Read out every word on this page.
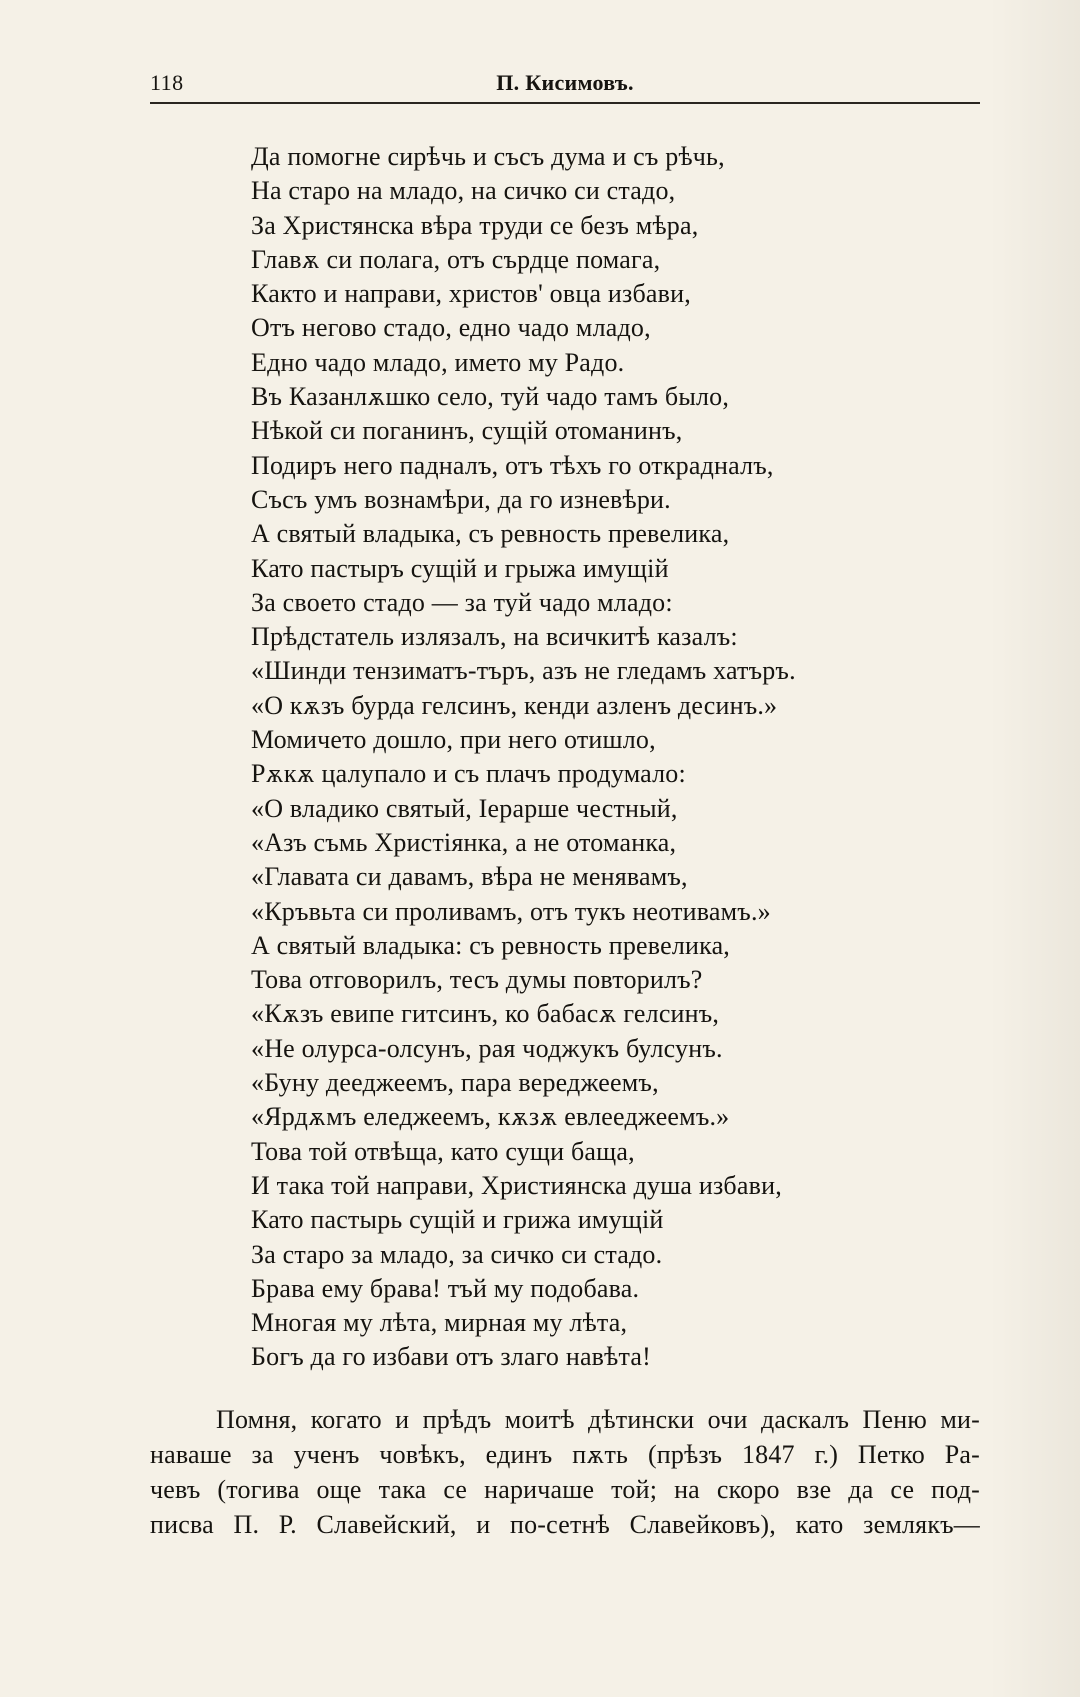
118	П. Кисимовъ.
Да помогне сирѣчь и съсъ дума и съ рѣчь,
На старо на младо, на сичко си стадо,
За Христянска вѣра труди се безъ мѣра,
Главѫ си полага, отъ сърдце помага,
Както и направи, христов' овца избави,
Отъ негово стадо, едно чадо младо,
Едно чадо младо, името му Радо.
Въ Казанлѫшко село, туй чадо тамъ было,
Нѣкой си поганинъ, сущій отоманинъ,
Подиръ него падналъ, отъ тѣхъ го открадналъ,
Съсъ умъ вознамѣри, да го изневѣри.
А святый владыка, съ ревность превелика,
Като пастыръ сущій и грыжа имущій
За своето стадо — за туй чадо младо:
Прѣдстатель излязалъ, на всичкитѣ казалъ:
«Шинди тензиматъ-търъ, азъ не гледамъ хатъръ.
«О кѫзъ бурда гелсинъ, кенди азленъ десинъ.»
Момичето дошло, при него отишло,
Рѫкѫ цалупало и съ плачъ продумало:
«О владико святый, Іерарше честный,
«Азъ съмь Христіянка, а не отоманка,
«Главата си давамъ, вѣра не менявамъ,
«Кръвьта си проливамъ, отъ тукъ неотивамъ.»
А святый владыка: съ ревность превелика,
Това отговорилъ, тесъ думы повторилъ?
«Кѫзъ евипе гитсинъ, ко бабасѫ гелсинъ,
«Не олурса-олсунъ, рая чоджукъ булсунъ.
«Буну дееджеемъ, пара вереджеемъ,
«Ярдѫмъ еледжеемъ, кѫзѫ евлееджеемъ.»
Това той отвѣща, като сущи баща,
И така той направи, Християнска душа избави,
Като пастырь сущій и грижа имущій
За старо за младо, за сичко си стадо.
Брава ему брава! тъй му подобава.
Многая му лѣта, мирная му лѣта,
Богъ да го избави отъ злаго навѣта!
Помня, когато и прѣдъ моитѣ дѣтински очи даскалъ Пеню ми-
наваше за ученъ човѣкъ, единъ пѫть (прѣзъ 1847 г.) Петко Ра-
чевъ (тогива още така се наричаше той; на скоро взе да се под-
писва П. Р. Славейский, и по-сетнѣ Славейковъ), като землякъ—
